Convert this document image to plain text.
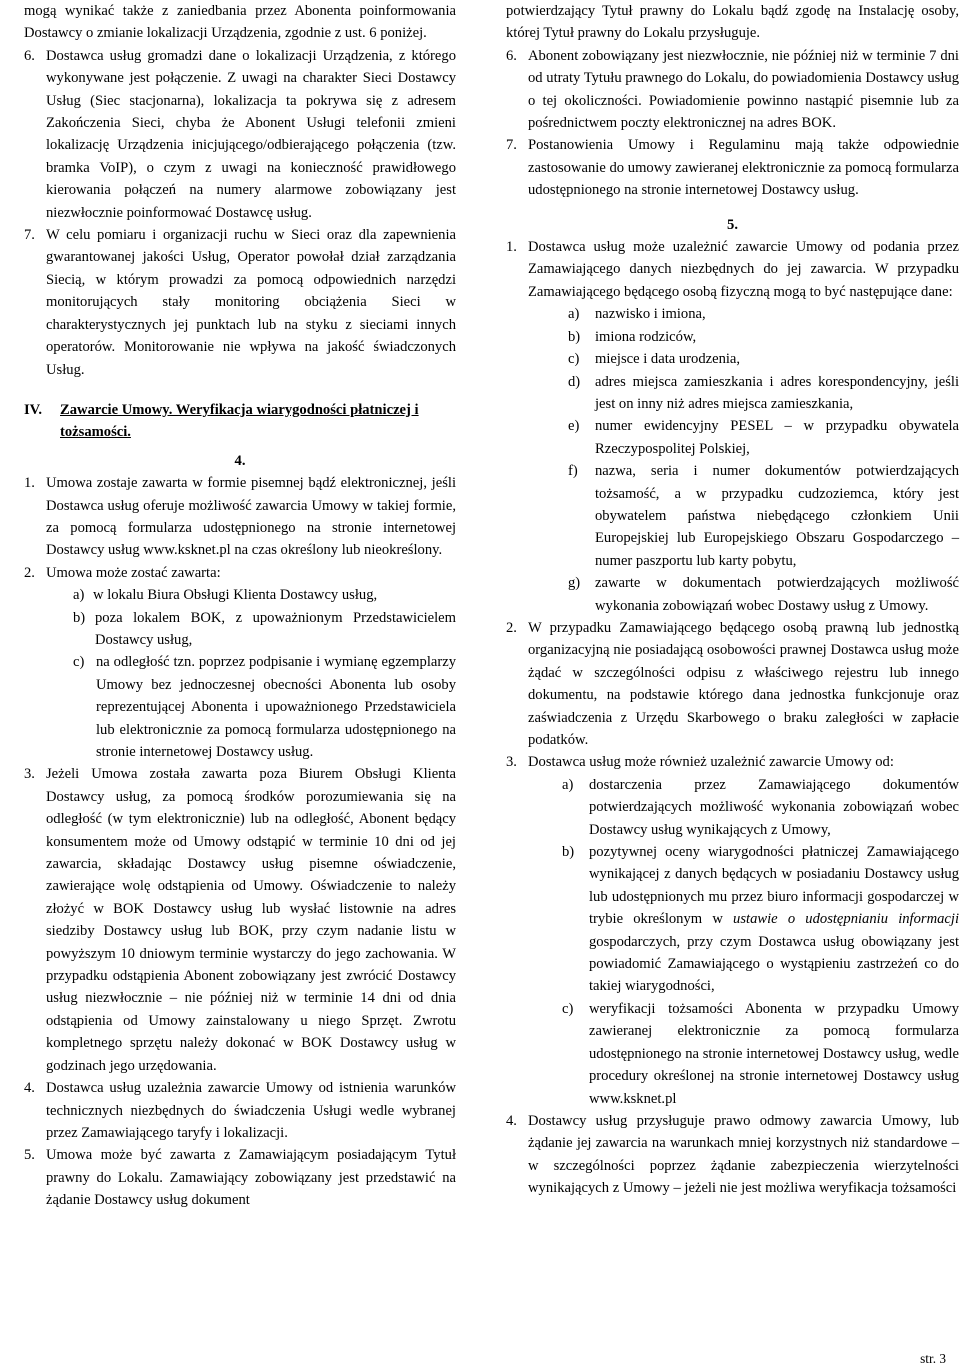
mogą wynikać także z zaniedbania przez Abonenta poinformowania Dostawcy o zmianie lokalizacji Urządzenia, zgodnie z ust. 6 poniżej.

6. Dostawca usług gromadzi dane o lokalizacji Urządzenia, z którego wykonywane jest połączenie. Z uwagi na charakter Sieci Dostawcy Usług (Siec stacjonarna), lokalizacja ta pokrywa się z adresem Zakończenia Sieci, chyba że Abonent Usługi telefonii zmieni lokalizację Urządzenia inicjującego/odbierającego połączenia (tzw. bramka VoIP), o czym z uwagi na konieczność prawidłowego kierowania połączeń na numery alarmowe zobowiązany jest niezwłocznie poinformować Dostawcę usług.
7. W celu pomiaru i organizacji ruchu w Sieci oraz dla zapewnienia gwarantowanej jakości Usług, Operator powołał dział zarządzania Siecią, w którym prowadzi za pomocą odpowiednich narzędzi monitorujących stały monitoring obciążenia Sieci w charakterystycznych jej punktach lub na styku z sieciami innych operatorów. Monitorowanie nie wpływa na jakość świadczonych Usług.
IV.	Zawarcie Umowy. Weryfikacja wiarygodności płatniczej i tożsamości.
4.
1. Umowa zostaje zawarta w formie pisemnej bądź elektronicznej, jeśli Dostawca usług oferuje możliwość zawarcia Umowy w takiej formie, za pomocą formularza udostępnionego na stronie internetowej Dostawcy usług www.ksknet.pl na czas określony lub nieokreślony.
2. Umowa może zostać zawarta:
a) w lokalu Biura Obsługi Klienta Dostawcy usług,
b) poza lokalem BOK, z upoważnionym Przedstawicielem Dostawcy usług,
c) na odległość tzn. poprzez podpisanie i wymianę egzemplarzy Umowy bez jednoczesnej obecności Abonenta lub osoby reprezentującej Abonenta i upoważnionego Przedstawiciela lub elektronicznie za pomocą formularza udostępnionego na stronie internetowej Dostawcy usług.
3. Jeżeli Umowa została zawarta poza Biurem Obsługi Klienta Dostawcy usług, za pomocą środków porozumiewania się na odległość (w tym elektronicznie) lub na odległość, Abonent będący konsumentem może od Umowy odstąpić w terminie 10 dni od jej zawarcia, składając Dostawcy usług pisemne oświadczenie, zawierające wolę odstąpienia od Umowy. Oświadczenie to należy złożyć w BOK Dostawcy usług lub wysłać listownie na adres siedziby Dostawcy usług lub BOK, przy czym nadanie listu w powyższym 10 dniowym terminie wystarczy do jego zachowania. W przypadku odstąpienia Abonent zobowiązany jest zwrócić Dostawcy usług niezwłocznie – nie później niż w terminie 14 dni od dnia odstąpienia od Umowy zainstalowany u niego Sprzęt. Zwrotu kompletnego sprzętu należy dokonać w BOK Dostawcy usług w godzinach jego urzędowania.
4. Dostawca usług uzależnia zawarcie Umowy od istnienia warunków technicznych niezbędnych do świadczenia Usługi wedle wybranej przez Zamawiającego taryfy i lokalizacji.
5. Umowa może być zawarta z Zamawiającym posiadającym Tytuł prawny do Lokalu. Zamawiający zobowiązany jest przedstawić na żądanie Dostawcy usług dokument

potwierdzający Tytuł prawny do Lokalu bądź zgodę na Instalację osoby, której Tytuł prawny do Lokalu przysługuje.

6. Abonent zobowiązany jest niezwłocznie, nie później niż w terminie 7 dni od utraty Tytułu prawnego do Lokalu, do powiadomienia Dostawcy usług o tej okoliczności. Powiadomienie powinno nastąpić pisemnie lub za pośrednictwem poczty elektronicznej na adres BOK.
7. Postanowienia Umowy i Regulaminu mają także odpowiednie zastosowanie do umowy zawieranej elektronicznie za pomocą formularza udostępnionego na stronie internetowej Dostawcy usług.
5.
1. Dostawca usług może uzależnić zawarcie Umowy od podania przez Zamawiającego danych niezbędnych do jej zawarcia. W przypadku Zamawiającego będącego osobą fizyczną mogą to być następujące dane:
a)	nazwisko i imiona,
b)	imiona rodziców,
c)	miejsce i data urodzenia,
d)	adres miejsca zamieszkania i adres korespondencyjny, jeśli jest on inny niż adres miejsca zamieszkania,
e)	numer ewidencyjny PESEL – w przypadku obywatela Rzeczypospolitej Polskiej,
f)	nazwa, seria i numer dokumentów potwierdzających tożsamość, a w przypadku cudzoziemca, który jest obywatelem państwa niebędącego członkiem Unii Europejskiej lub Europejskiego Obszaru Gospodarczego – numer paszportu lub karty pobytu,
g)	zawarte w dokumentach potwierdzających możliwość wykonania zobowiązań wobec Dostawy usług z Umowy.
2. W przypadku Zamawiającego będącego osobą prawną lub jednostką organizacyjną nie posiadającą osobowości prawnej Dostawca usług może żądać w szczególności odpisu z właściwego rejestru lub innego dokumentu, na podstawie którego dana jednostka funkcjonuje oraz zaświadczenia z Urzędu Skarbowego o braku zaległości w zapłacie podatków.
3. Dostawca usług może również uzależnić zawarcie Umowy od:
a)	dostarczenia przez Zamawiającego dokumentów potwierdzających możliwość wykonania zobowiązań wobec Dostawcy usług wynikających z Umowy,
b)	pozytywnej oceny wiarygodności płatniczej Zamawiającego wynikającej z danych będących w posiadaniu Dostawcy usług lub udostępnionych mu przez biuro informacji gospodarczej w trybie określonym w ustawie o udostępnianiu informacji gospodarczych, przy czym Dostawca usług obowiązany jest powiadomić Zamawiającego o wystąpieniu zastrzeżeń co do takiej wiarygodności,
c)	weryfikacji tożsamości Abonenta w przypadku Umowy zawieranej elektronicznie za pomocą formularza udostępnionego na stronie internetowej Dostawcy usług, wedle procedury określonej na stronie internetowej Dostawcy usług www.ksknet.pl
4. Dostawcy usług przysługuje prawo odmowy zawarcia Umowy, lub żądanie jej zawarcia na warunkach mniej korzystnych niż standardowe – w szczególności poprzez żądanie zabezpieczenia wierzytelności wynikających z Umowy – jeżeli nie jest możliwa weryfikacja tożsamości
str. 3
